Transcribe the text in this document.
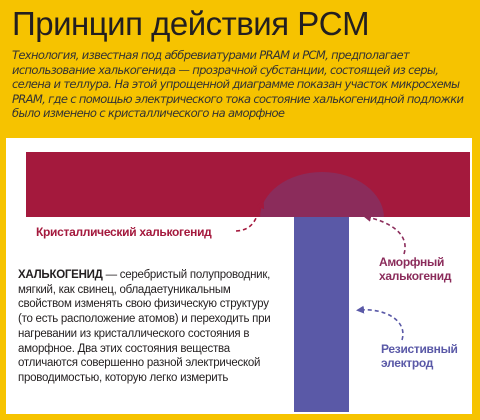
Принцип действия PCM
Технология, известная под аббревиатурами PRAM и PCM, предполагает использование халькогенида — прозрачной субстанции, состоящей из серы, селена и теллура. На этой упрощенной диаграмме показан участок микросхемы PRAM, где с помощью электрического тока состояние халькогенидной подложки было изменено с кристаллического на аморфное
Кристаллический халькогенид
Аморфный
халькогенид
Резистивный
электрод
ХАЛЬКОГЕНИД — серебристый полупроводник, мягкий, как свинец, обладаетуникальным свойством изменять свою физическую структуру (то есть расположение атомов) и переходить при нагревании из кристаллического состояния в аморфное. Два этих состояния вещества отличаются совершенно разной электрической проводимостью, которую легко измерить
